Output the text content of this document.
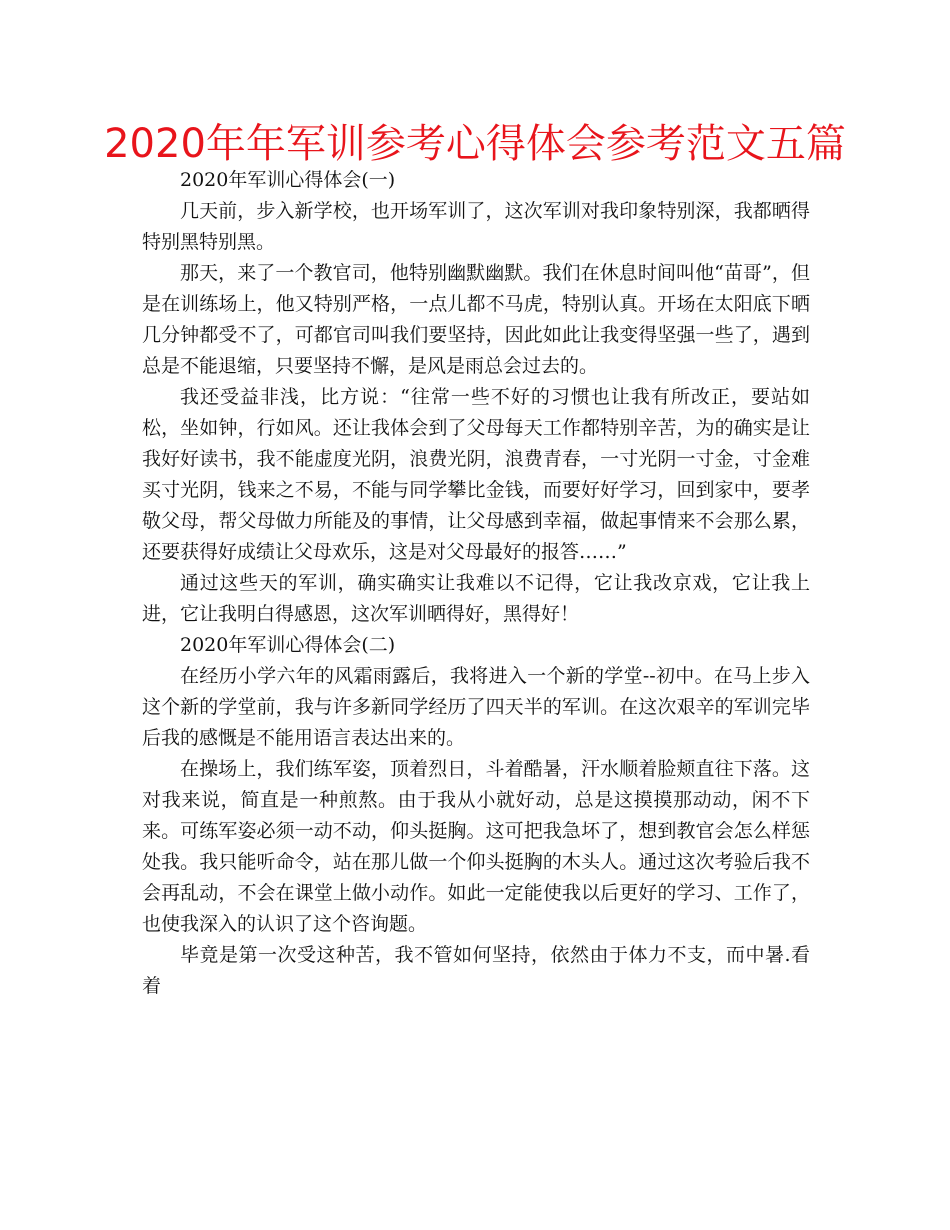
2020年年军训参考心得体会参考范文五篇

2020年军训心得体会(一)

几天前，步入新学校，也开场军训了，这次军训对我印象特别深，我都晒得特别黑特别黑。

那天，来了一个教官司，他特别幽默幽默。我们在休息时间叫他“苗哥”，但是在训练场上，他又特别严格，一点儿都不马虎，特别认真。开场在太阳底下晒几分钟都受不了，可都官司叫我们要坚持，因此如此让我变得坚强一些了，遇到总是不能退缩，只要坚持不懈，是风是雨总会过去的。

我还受益非浅，比方说：“往常一些不好的习惯也让我有所改正，要站如松，坐如钟，行如风。还让我体会到了父母每天工作都特别辛苦，为的确实是让我好好读书，我不能虚度光阴，浪费光阴，浪费青春，一寸光阴一寸金，寸金难买寸光阴，钱来之不易，不能与同学攀比金钱，而要好好学习，回到家中，要孝敬父母，帮父母做力所能及的事情，让父母感到幸福，做起事情来不会那么累，还要获得好成绩让父母欢乐，这是对父母最好的报答……”

通过这些天的军训，确实确实让我难以不记得，它让我改京戏，它让我上进，它让我明白得感恩，这次军训晒得好，黑得好！

2020年军训心得体会(二)

在经历小学六年的风霜雨露后，我将进入一个新的学堂--初中。在马上步入这个新的学堂前，我与许多新同学经历了四天半的军训。在这次艰辛的军训完毕后我的感慨是不能用语言表达出来的。

在操场上，我们练军姿，顶着烈日，斗着酷暑，汗水顺着脸颊直往下落。这对我来说，简直是一种煎熬。由于我从小就好动，总是这摸摸那动动，闲不下来。可练军姿必须一动不动，仰头挺胸。这可把我急坏了，想到教官会怎么样惩处我。我只能听命令，站在那儿做一个仰头挺胸的木头人。通过这次考验后我不会再乱动，不会在课堂上做小动作。如此一定能使我以后更好的学习、工作了，也使我深入的认识了这个咨询题。

毕竟是第一次受这种苦，我不管如何坚持，依然由于体力不支，而中暑.看着
